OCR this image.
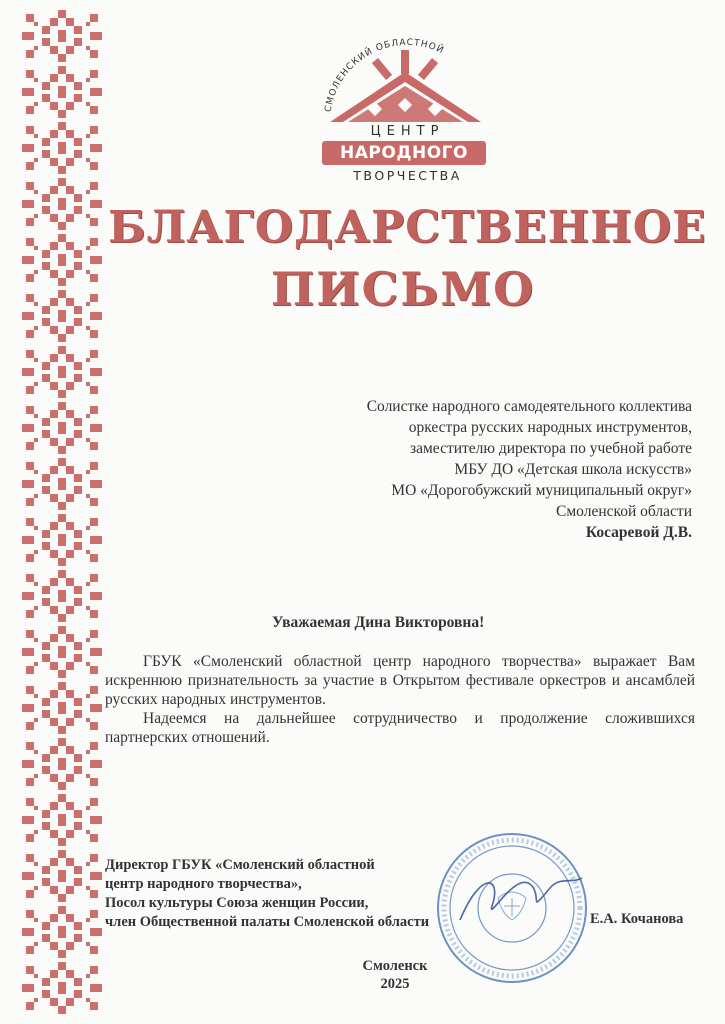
СМОЛЕНСКИЙ ОБЛАСТНОЙ
ЦЕНТР
НАРОДНОГО
ТВОРЧЕСТВА
БЛАГОДАРСТВЕННОЕ
ПИСЬМО
Солистке народного самодеятельного коллектива
оркестра русских народных инструментов,
заместителю директора по учебной работе
МБУ ДО «Детская школа искусств»
МО «Дорогобужский муниципальный округ»
Смоленской области
Косаревой Д.В.
Уважаемая Дина Викторовна!

ГБУК «Смоленский областной центр народного творчества» выражает Вам искреннюю признательность за участие в Открытом фестивале оркестров и ансамблей русских народных инструментов.

Надеемся на дальнейшее сотрудничество и продолжение сложившихся партнерских отношений.

Директор ГБУК «Смоленский областной
центр народного творчества»,
Посол культуры Союза женщин России,
член Общественной палаты Смоленской области	Е.А. Кочанова
Смоленск
2025
